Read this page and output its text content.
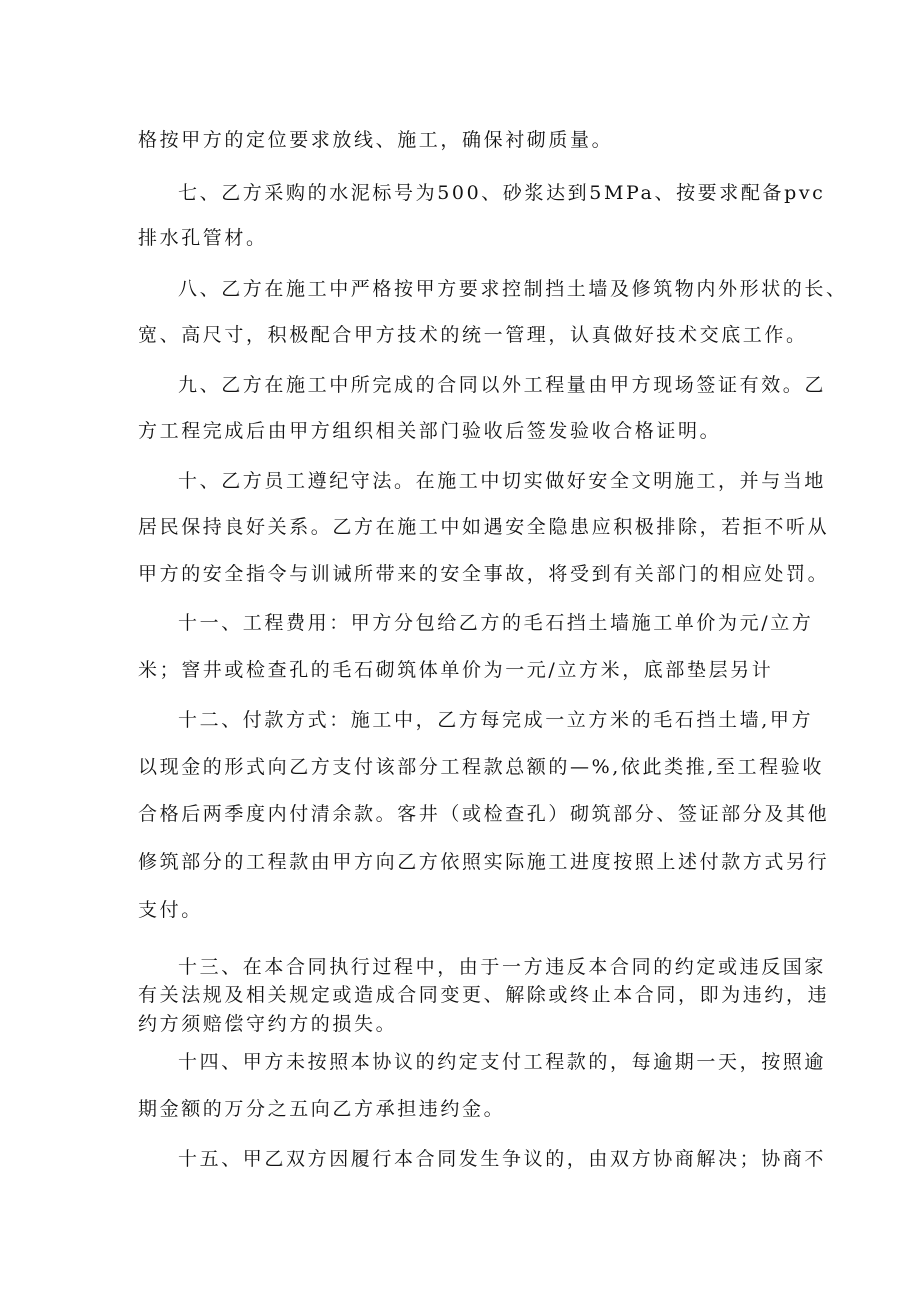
格按甲方的定位要求放线、施工，确保衬砌质量。

七、乙方采购的水泥标号为500、砂浆达到5MPa、按要求配备pvc

排水孔管材。

八、乙方在施工中严格按甲方要求控制挡土墙及修筑物内外形状的长、

宽、高尺寸，积极配合甲方技术的统一管理，认真做好技术交底工作。

九、乙方在施工中所完成的合同以外工程量由甲方现场签证有效。乙

方工程完成后由甲方组织相关部门验收后签发验收合格证明。

十、乙方员工遵纪守法。在施工中切实做好安全文明施工，并与当地

居民保持良好关系。乙方在施工中如遇安全隐患应积极排除，若拒不听从

甲方的安全指令与训诫所带来的安全事故，将受到有关部门的相应处罚。

十一、工程费用：甲方分包给乙方的毛石挡土墙施工单价为元/立方

米；窨井或检查孔的毛石砌筑体单价为一元/立方米，底部垫层另计

十二、付款方式：施工中，乙方每完成一立方米的毛石挡土墙,甲方

以现金的形式向乙方支付该部分工程款总额的—%,依此类推,至工程验收

合格后两季度内付清余款。客井（或检查孔）砌筑部分、签证部分及其他

修筑部分的工程款由甲方向乙方依照实际施工进度按照上述付款方式另行

支付。

十三、在本合同执行过程中，由于一方违反本合同的约定或违反国家

有关法规及相关规定或造成合同变更、解除或终止本合同，即为违约，违

约方须赔偿守约方的损失。

十四、甲方未按照本协议的约定支付工程款的，每逾期一天，按照逾

期金额的万分之五向乙方承担违约金。

十五、甲乙双方因履行本合同发生争议的，由双方协商解决；协商不
